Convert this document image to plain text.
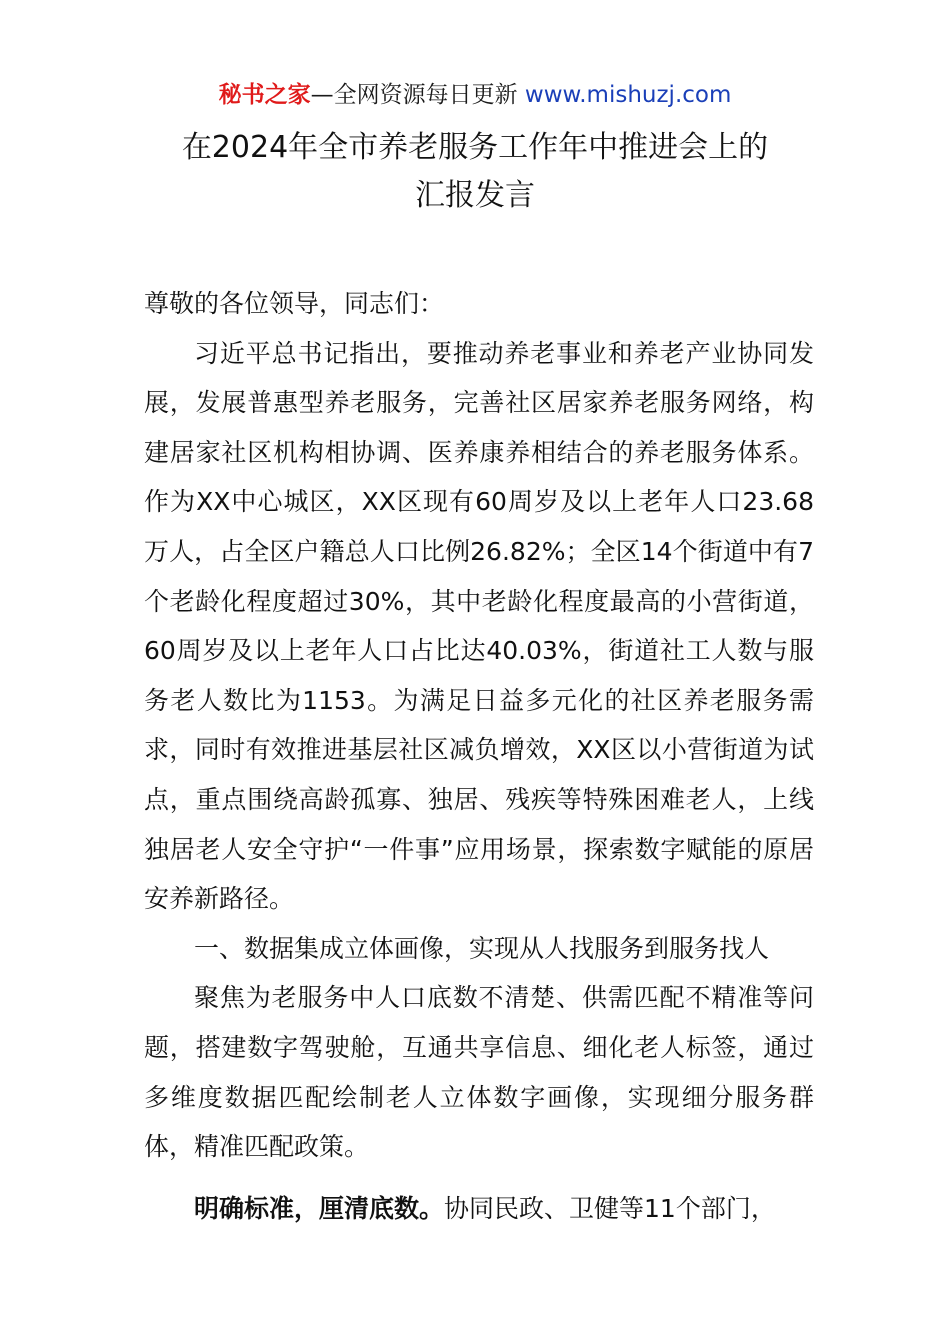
秘书之家—全网资源每日更新 www.mishuzj.com
在2024年全市养老服务工作年中推进会上的
汇报发言

尊敬的各位领导，同志们：

习近平总书记指出，要推动养老事业和养老产业协同发展，发展普惠型养老服务，完善社区居家养老服务网络，构建居家社区机构相协调、医养康养相结合的养老服务体系。作为XX中心城区，XX区现有60周岁及以上老年人口23.68万人，占全区户籍总人口比例26.82%；全区14个街道中有7个老龄化程度超过30%，其中老龄化程度最高的小营街道，60周岁及以上老年人口占比达40.03%，街道社工人数与服务老人数比为1153。为满足日益多元化的社区养老服务需求，同时有效推进基层社区减负增效，XX区以小营街道为试点，重点围绕高龄孤寡、独居、残疾等特殊困难老人，上线独居老人安全守护“一件事”应用场景，探索数字赋能的原居安养新路径。

一、数据集成立体画像，实现从人找服务到服务找人

聚焦为老服务中人口底数不清楚、供需匹配不精准等问题，搭建数字驾驶舱，互通共享信息、细化老人标签，通过多维度数据匹配绘制老人立体数字画像，实现细分服务群体，精准匹配政策。

明确标准，厘清底数。协同民政、卫健等11个部门，
